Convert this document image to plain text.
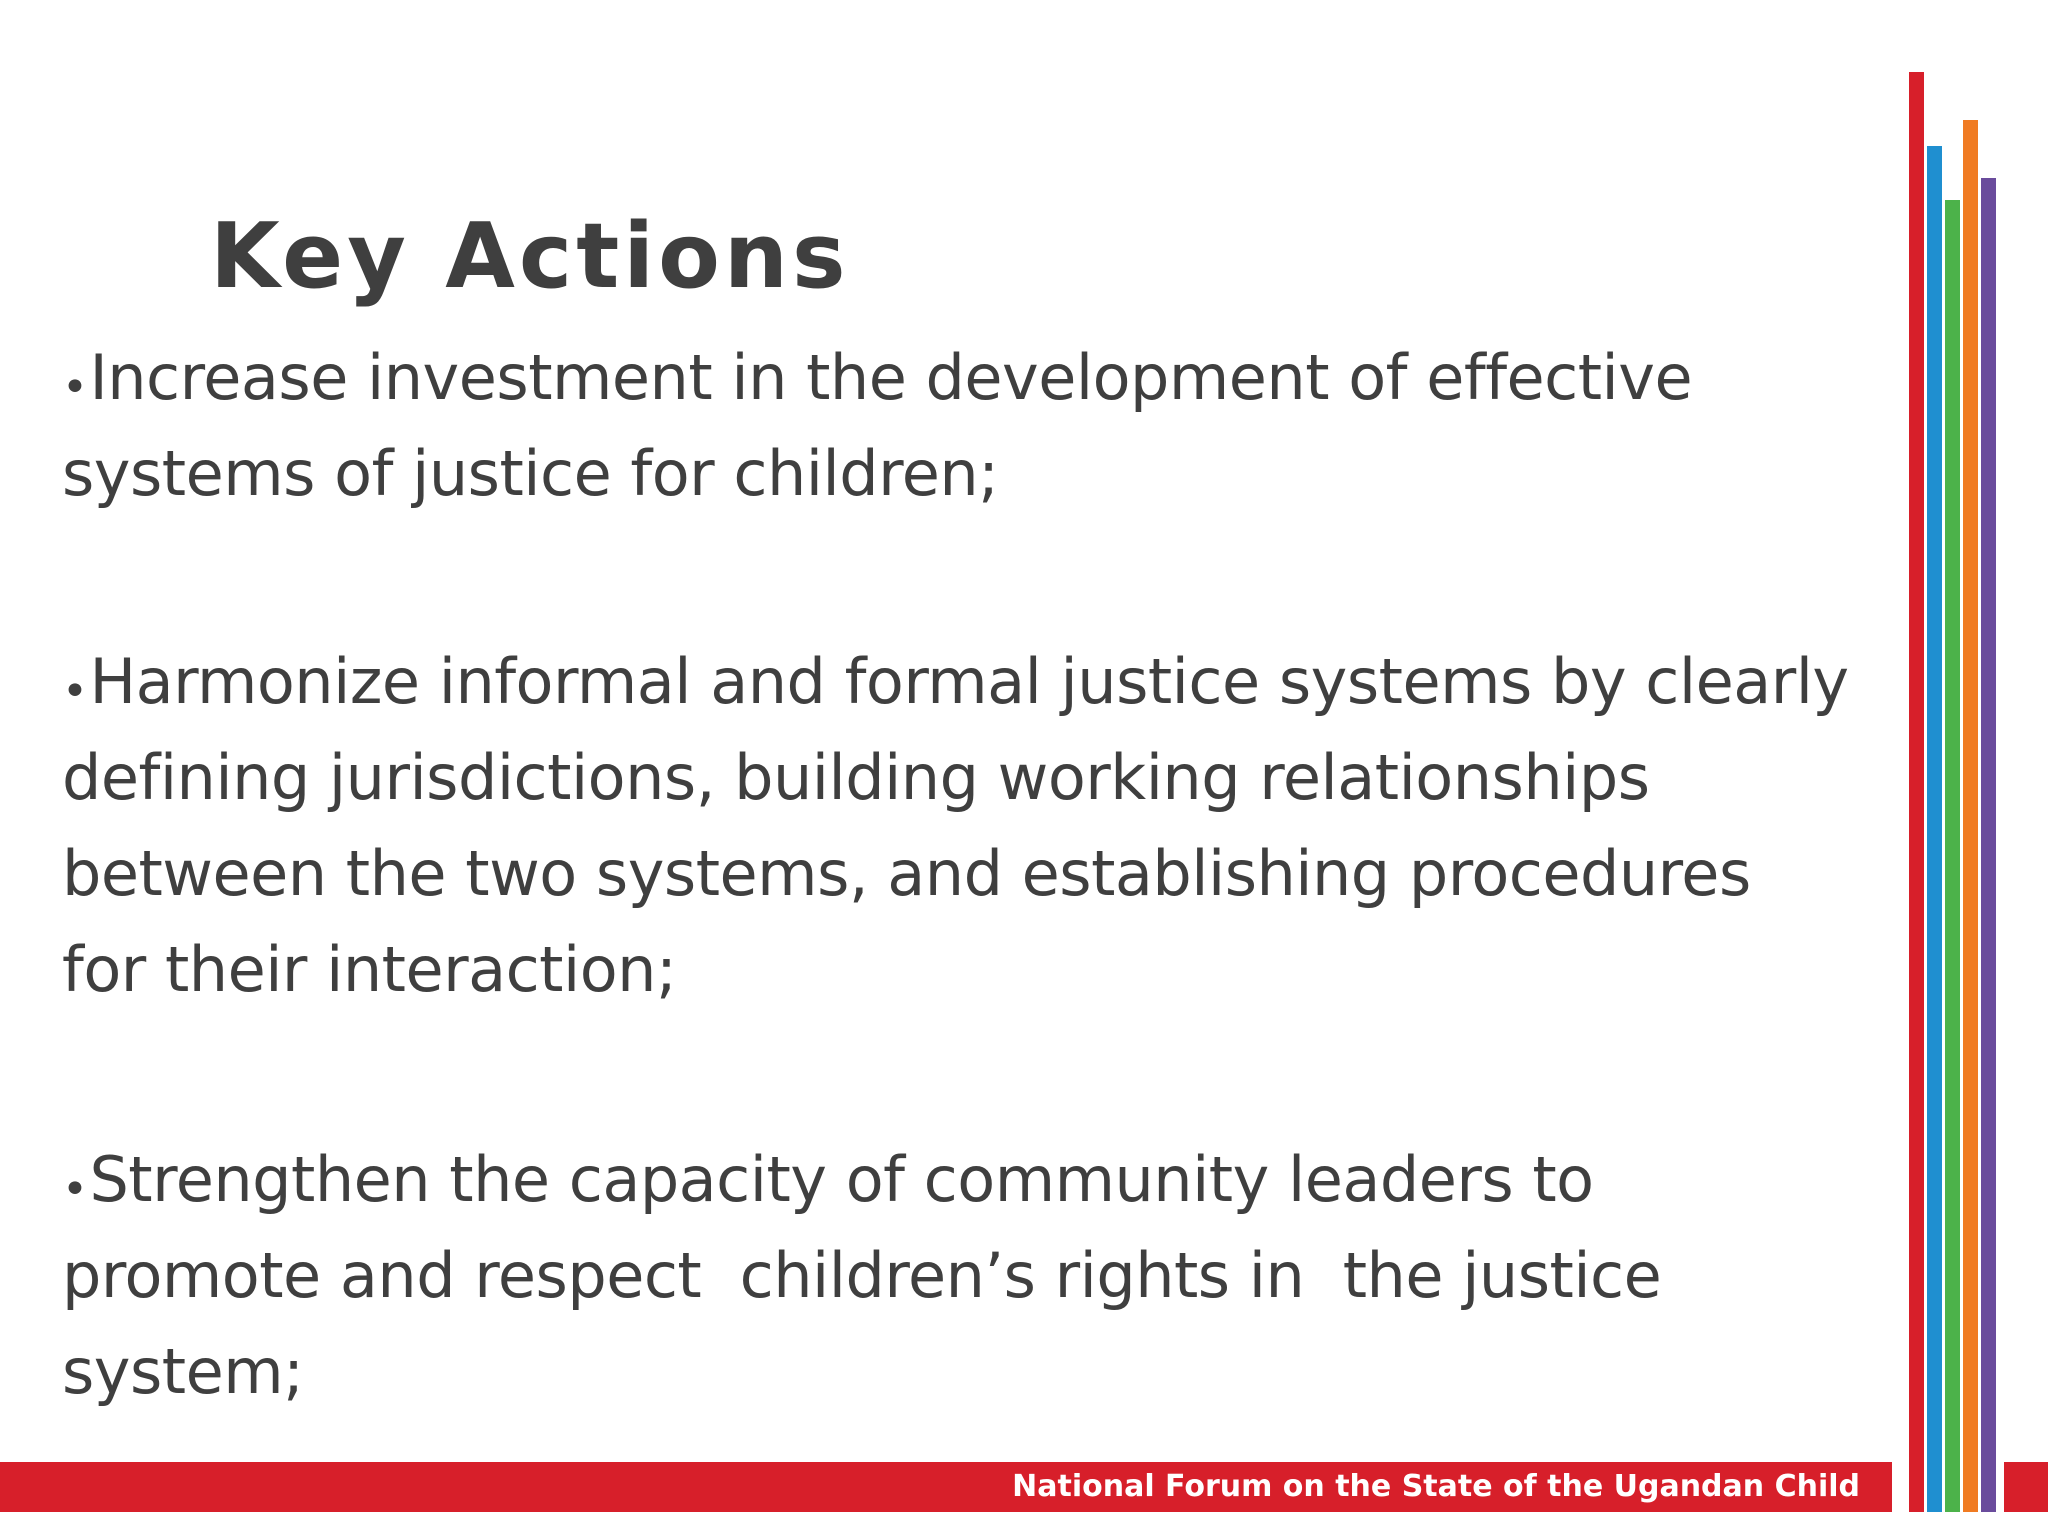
Key Actions
•Increase investment in the development of effective systems of justice for children;
•Harmonize informal and formal justice systems by clearly defining jurisdictions, building working relationships between the two systems, and establishing procedures for their interaction;
•Strengthen the capacity of community leaders to promote and respect  children’s rights in  the justice system;
National Forum on the State of the Ugandan Child
